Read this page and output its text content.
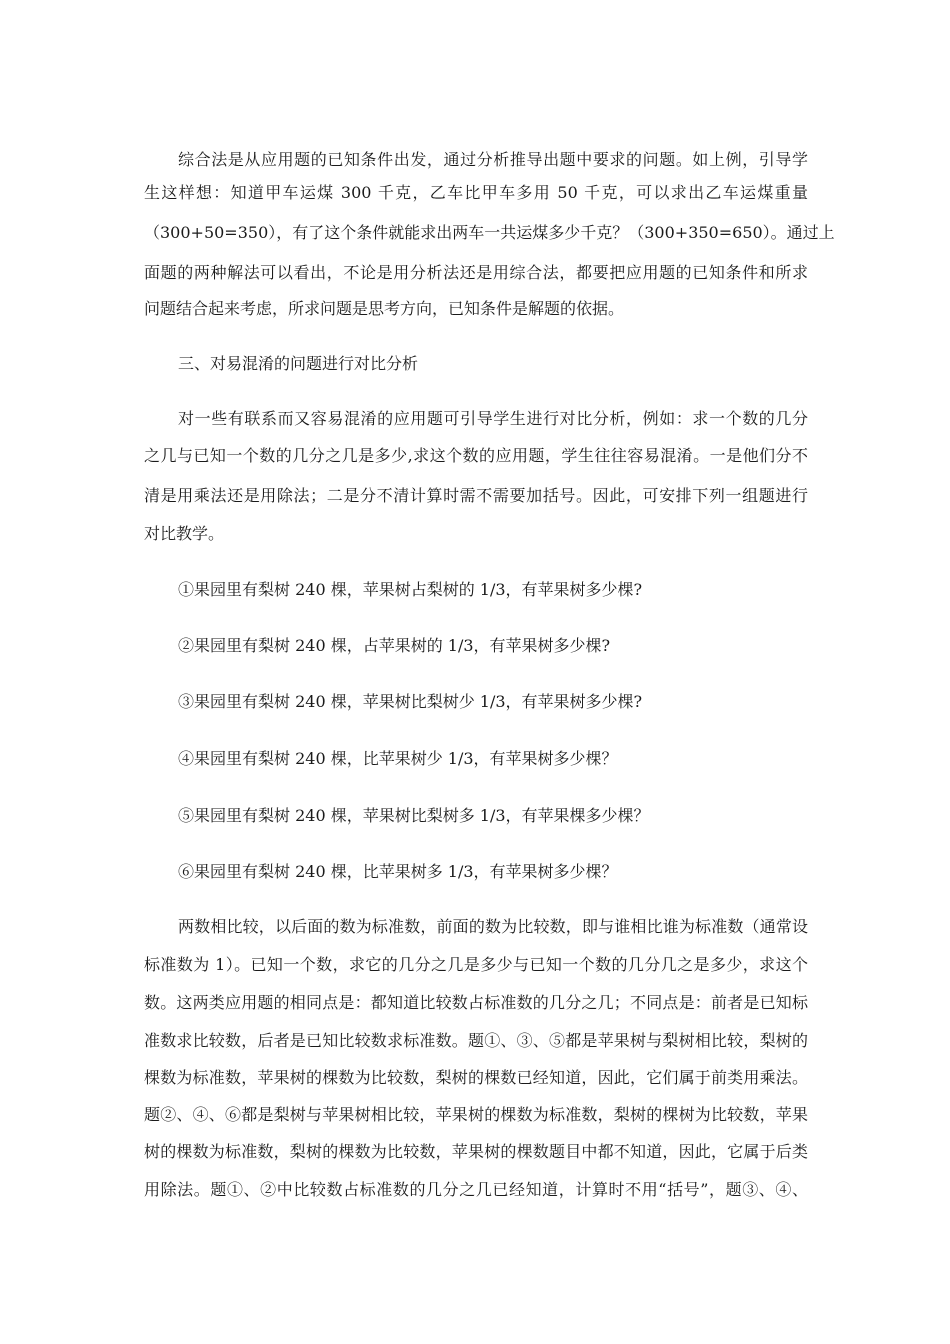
综合法是从应用题的已知条件出发，通过分析推导出题中要求的问题。如上例，引导学
生这样想：知道甲车运煤 300 千克，乙车比甲车多用 50 千克，可以求出乙车运煤重量
（300+50=350），有了这个条件就能求出两车一共运煤多少千克？（300+350=650）。通过上
面题的两种解法可以看出，不论是用分析法还是用综合法，都要把应用题的已知条件和所求
问题结合起来考虑，所求问题是思考方向，已知条件是解题的依据。
三、对易混淆的问题进行对比分析
对一些有联系而又容易混淆的应用题可引导学生进行对比分析，例如：求一个数的几分
之几与已知一个数的几分之几是多少,求这个数的应用题，学生往往容易混淆。一是他们分不
清是用乘法还是用除法；二是分不清计算时需不需要加括号。因此，可安排下列一组题进行
对比教学。
①果园里有梨树 240 棵，苹果树占梨树的 1/3，有苹果树多少棵?
②果园里有梨树 240 棵，占苹果树的 1/3，有苹果树多少棵?
③果园里有梨树 240 棵，苹果树比梨树少 1/3，有苹果树多少棵?
④果园里有梨树 240 棵，比苹果树少 1/3，有苹果树多少棵？
⑤果园里有梨树 240 棵，苹果树比梨树多 1/3，有苹果棵多少棵？
⑥果园里有梨树 240 棵，比苹果树多 1/3，有苹果树多少棵？
两数相比较，以后面的数为标准数，前面的数为比较数，即与谁相比谁为标准数（通常设
标准数为 1）。已知一个数，求它的几分之几是多少与已知一个数的几分几之是多少，求这个
数。这两类应用题的相同点是：都知道比较数占标准数的几分之几；不同点是：前者是已知标
准数求比较数，后者是已知比较数求标准数。题①、③、⑤都是苹果树与梨树相比较，梨树的
棵数为标准数，苹果树的棵数为比较数，梨树的棵数已经知道，因此，它们属于前类用乘法。
题②、④、⑥都是梨树与苹果树相比较，苹果树的棵数为标准数，梨树的棵树为比较数，苹果
树的棵数为标准数，梨树的棵数为比较数，苹果树的棵数题目中都不知道，因此，它属于后类
用除法。题①、②中比较数占标准数的几分之几已经知道，计算时不用“括号”，题③、④、
